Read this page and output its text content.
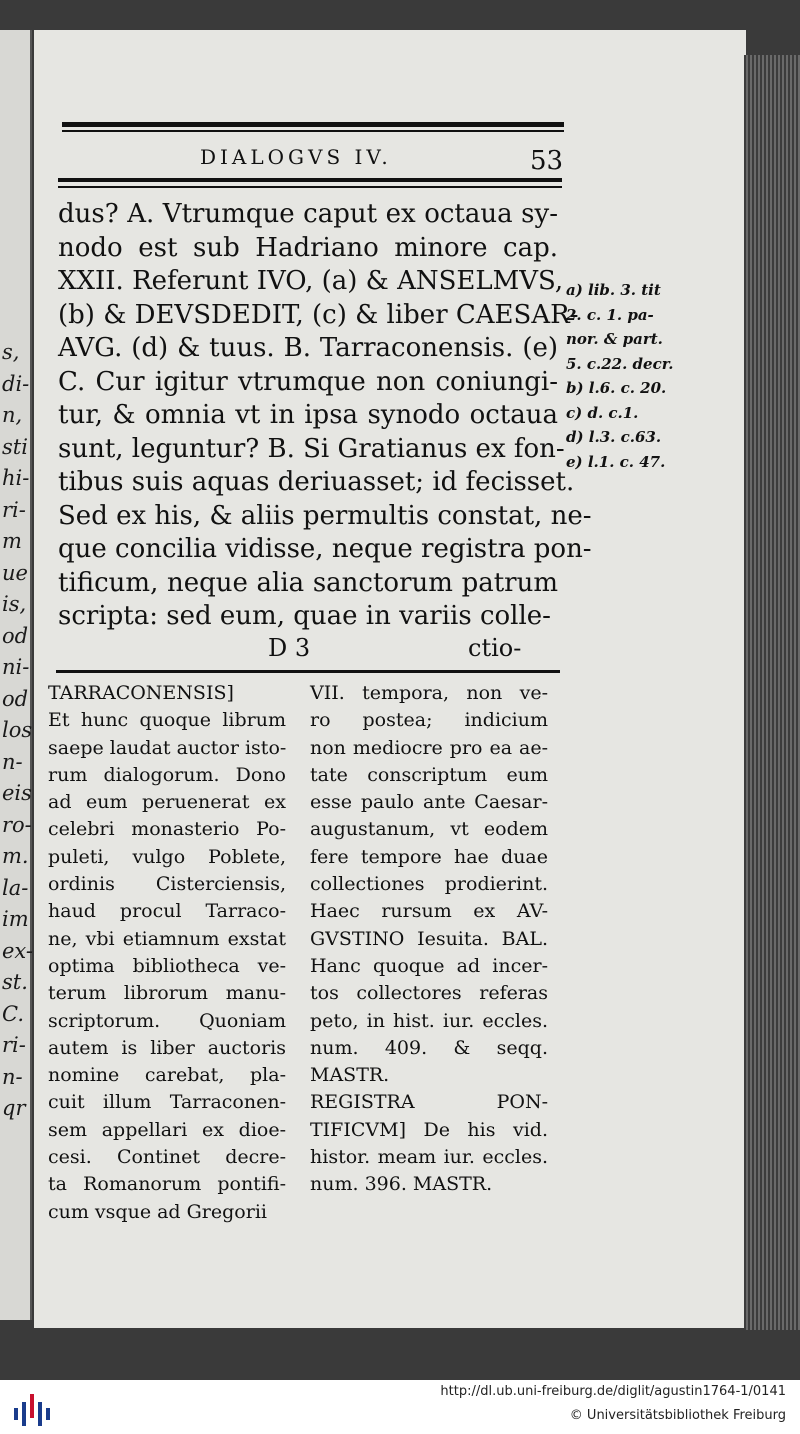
s,
di-
n,
sti
hi-
ri-
m
ue
is,
od
ni-
od
los
n-
eis
ro-
m.
la-
im
ex-
st.
C.
ri-
n-
qr
DIALOGVS IV.	53
dus? A. Vtrumque caput ex octaua sy-
nodo est sub Hadriano minore cap.
XXII. Referunt IVO, (a) & ANSELMVS,
(b) & DEVSDEDIT, (c) & liber CAESAR-
AVG. (d) & tuus. B. Tarraconensis. (e)
C. Cur igitur vtrumque non coniungi-
tur, & omnia vt in ipsa synodo octaua
sunt, leguntur? B. Si Gratianus ex fon-
tibus suis aquas deriuasset; id fecisset.
Sed ex his, & aliis permultis constat, ne-
que concilia vidisse, neque registra pon-
tificum, neque alia sanctorum patrum
scripta: sed eum, quae in variis colle-
a) lib. 3. tit
2. c. 1. pa-
nor. & part.
5. c.22. decr.
b) l.6. c. 20.
c) d. c.1.
d) l.3. c.63.
e) l.1. c. 47.
D 3	ctio-
TARRACONENSIS]
Et hunc quoque librum
saepe laudat auctor isto-
rum dialogorum. Dono
ad eum peruenerat ex
celebri monasterio Po-
puleti, vulgo Poblete,
ordinis Cisterciensis,
haud procul Tarraco-
ne, vbi etiamnum exstat
optima bibliotheca ve-
terum librorum manu-
scriptorum. Quoniam
autem is liber auctoris
nomine carebat, pla-
cuit illum Tarraconen-
sem appellari ex dioe-
cesi. Continet decre-
ta Romanorum pontifi-
cum vsque ad Gregorii
VII. tempora, non ve-
ro postea; indicium
non mediocre pro ea ae-
tate conscriptum eum
esse paulo ante Caesar-
augustanum, vt eodem
fere tempore hae duae
collectiones prodierint.
Haec rursum ex AV-
GVSTINO Iesuita. BAL.
Hanc quoque ad incer-
tos collectores referas
peto, in hist. iur. eccles.
num. 409. & seqq.
MASTR.
REGISTRA PON-
TIFICVM] De his vid.
histor. meam iur. eccles.
num. 396. MASTR.
http://dl.ub.uni-freiburg.de/diglit/agustin1764-1/0141
© Universitätsbibliothek Freiburg
